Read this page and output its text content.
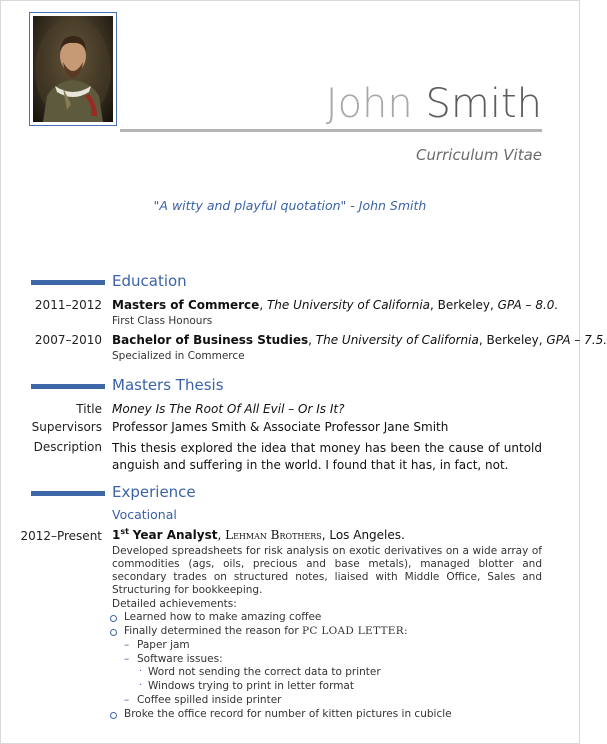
John Smith
Curriculum Vitae
"A witty and playful quotation" - John Smith
Education
2011–2012 Masters of Commerce, The University of California, Berkeley, GPA – 8.0.
First Class Honours
2007–2010 Bachelor of Business Studies, The University of California, Berkeley, GPA – 7.5.
Specialized in Commerce
Masters Thesis
Title Money Is The Root Of All Evil – Or Is It?
Supervisors Professor James Smith & Associate Professor Jane Smith
Description This thesis explored the idea that money has been the cause of untold anguish and suffering in the world. I found that it has, in fact, not.
Experience
Vocational
2012–Present 1st Year Analyst, Lehman Brothers, Los Angeles.
Developed spreadsheets for risk analysis on exotic derivatives on a wide array of commodities (ags, oils, precious and base metals), managed blotter and secondary trades on structured notes, liaised with Middle Office, Sales and Structuring for bookkeeping.
Detailed achievements:
Learned how to make amazing coffee
Finally determined the reason for PC LOAD LETTER:
– Paper jam
– Software issues:
· Word not sending the correct data to printer
· Windows trying to print in letter format
– Coffee spilled inside printer
Broke the office record for number of kitten pictures in cubicle
